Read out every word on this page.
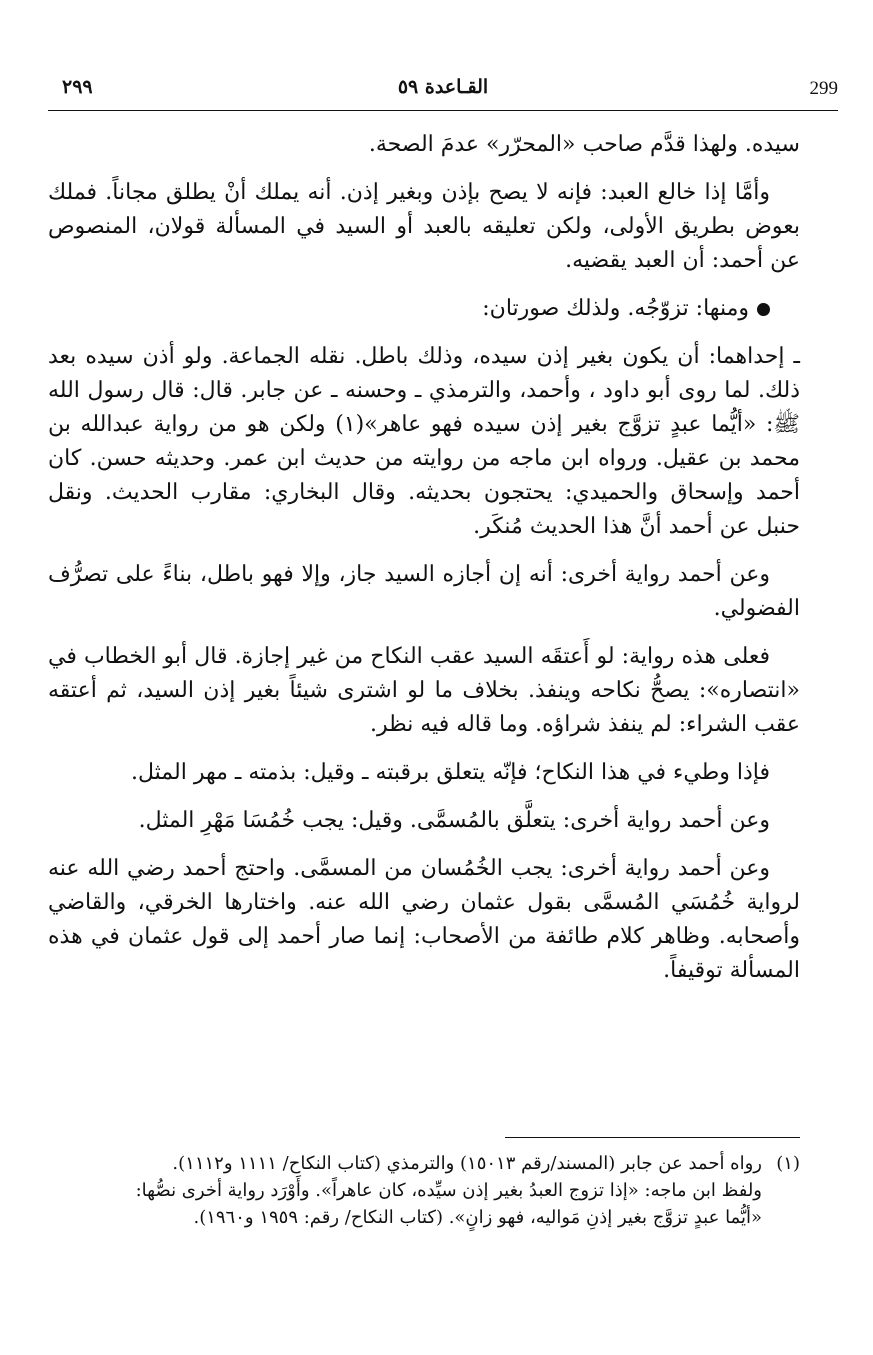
299
القـاعدة ٥٩
٢٩٩

سيده. ولهذا قدَّم صاحب «المحرّر» عدمَ الصحة.

وأمَّا إذا خالع العبد: فإنه لا يصح بإذن وبغير إذن. أنه يملك أنْ يطلق مجاناً. فملك بعوض بطريق الأولى، ولكن تعليقه بالعبد أو السيد في المسألة قولان، المنصوص عن أحمد: أن العبد يقضيه.

ومنها: تزوّجُه. ولذلك صورتان:

ـ إحداهما: أن يكون بغير إذن سيده، وذلك باطل. نقله الجماعة. ولو أذن سيده بعد ذلك. لما روى أبو داود ، وأحمد، والترمذي ـ وحسنه ـ عن جابر. قال: قال رسول الله ﷺ: «أيُّما عبدٍ تزوَّج بغير إذن سيده فهو عاهر»(١) ولكن هو من رواية عبدالله بن محمد بن عقيل. ورواه ابن ماجه من روايته من حديث ابن عمر. وحديثه حسن. كان أحمد وإسحاق والحميدي: يحتجون بحديثه. وقال البخاري: مقارب الحديث. ونقل حنبل عن أحمد أنَّ هذا الحديث مُنكَر.

وعن أحمد رواية أخرى: أنه إن أجازه السيد جاز، وإلا فهو باطل، بناءً على تصرُّف الفضولي.

فعلى هذه رواية: لو أَعتقَه السيد عقب النكاح من غير إجازة. قال أبو الخطاب في «انتصاره»: يصحُّ نكاحه وينفذ. بخلاف ما لو اشترى شيئاً بغير إذن السيد، ثم أعتقه عقب الشراء: لم ينفذ شراؤه. وما قاله فيه نظر.

فإذا وطيء في هذا النكاح؛ فإنّه يتعلق برقبته ـ وقيل: بذمته ـ مهر المثل.

وعن أحمد رواية أخرى: يتعلَّق بالمُسمَّى. وقيل: يجب خُمُسَا مَهْرِ المثل.

وعن أحمد رواية أخرى: يجب الخُمُسان من المسمَّى. واحتج أحمد رضي الله عنه لرواية خُمُسَي المُسمَّى بقول عثمان رضي الله عنه. واختارها الخرقي، والقاضي وأصحابه. وظاهر كلام طائفة من الأصحاب: إنما صار أحمد إلى قول عثمان في هذه المسألة توقيفاً.

(١)رواه أحمد عن جابر (المسند/رقم ١٥٠١٣) والترمذي (كتاب النكاح/ ١١١١ و١١١٢).
ولفظ ابن ماجه: «إذا تزوج العبدُ بغير إذن سيِّده، كان عاهراً». وأَوْرَد رواية أخرى نصُّها:
«أيُّما عبدٍ تزوَّج بغير إذنِ مَواليه، فهو زانٍ». (كتاب النكاح/ رقم: ١٩٥٩ و١٩٦٠).
